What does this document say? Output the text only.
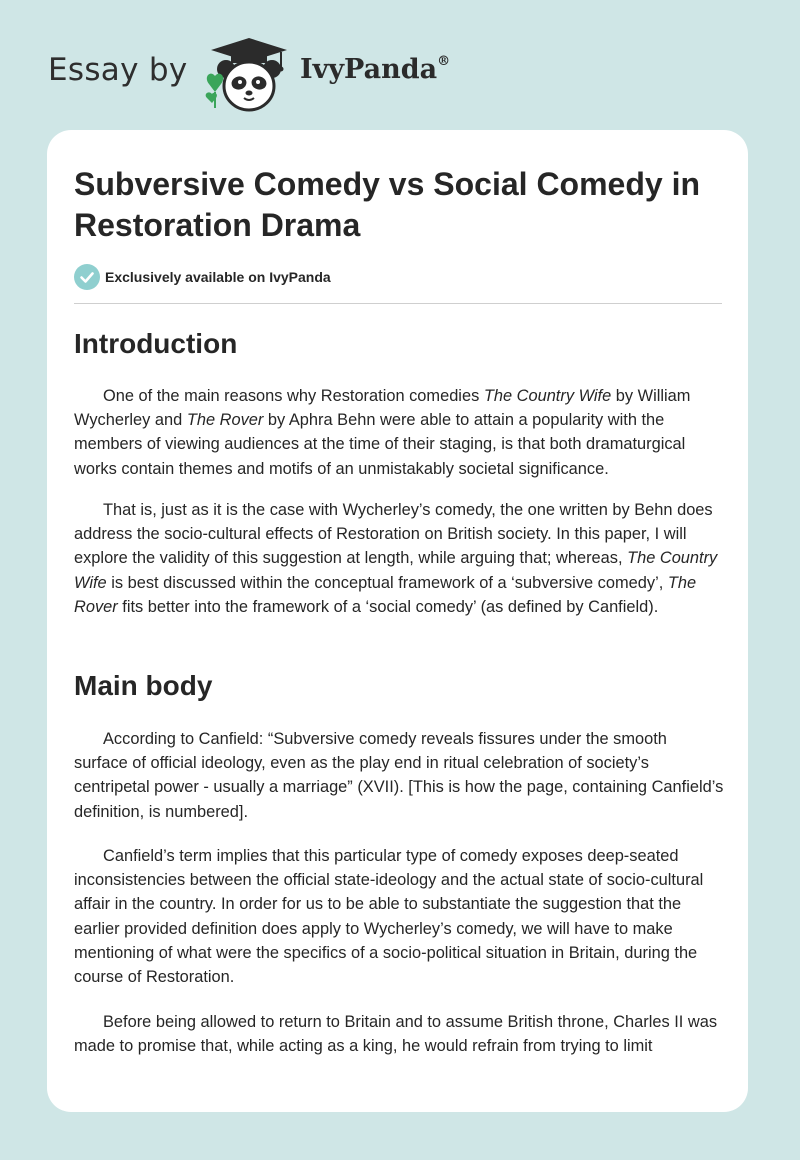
Essay by	IvyPanda®
Subversive Comedy vs Social Comedy in Restoration Drama
Exclusively available on IvyPanda
Introduction

One of the main reasons why Restoration comedies The Country Wife by William Wycherley and The Rover by Aphra Behn were able to attain a popularity with the members of viewing audiences at the time of their staging, is that both dramaturgical works contain themes and motifs of an unmistakably societal significance.

That is, just as it is the case with Wycherley’s comedy, the one written by Behn does address the socio-cultural effects of Restoration on British society. In this paper, I will explore the validity of this suggestion at length, while arguing that; whereas, The Country Wife is best discussed within the conceptual framework of a ‘subversive comedy’, The Rover fits better into the framework of a ‘social comedy’ (as defined by Canfield).

Main body

According to Canfield: “Subversive comedy reveals fissures under the smooth surface of official ideology, even as the play end in ritual celebration of society’s centripetal power - usually a marriage” (XVII). [This is how the page, containing Canfield’s definition, is numbered].

Canfield’s term implies that this particular type of comedy exposes deep-seated inconsistencies between the official state-ideology and the actual state of socio-cultural affair in the country. In order for us to be able to substantiate the suggestion that the earlier provided definition does apply to Wycherley’s comedy, we will have to make mentioning of what were the specifics of a socio-political situation in Britain, during the course of Restoration.

Before being allowed to return to Britain and to assume British throne, Charles II was made to promise that, while acting as a king, he would refrain from trying to limit
